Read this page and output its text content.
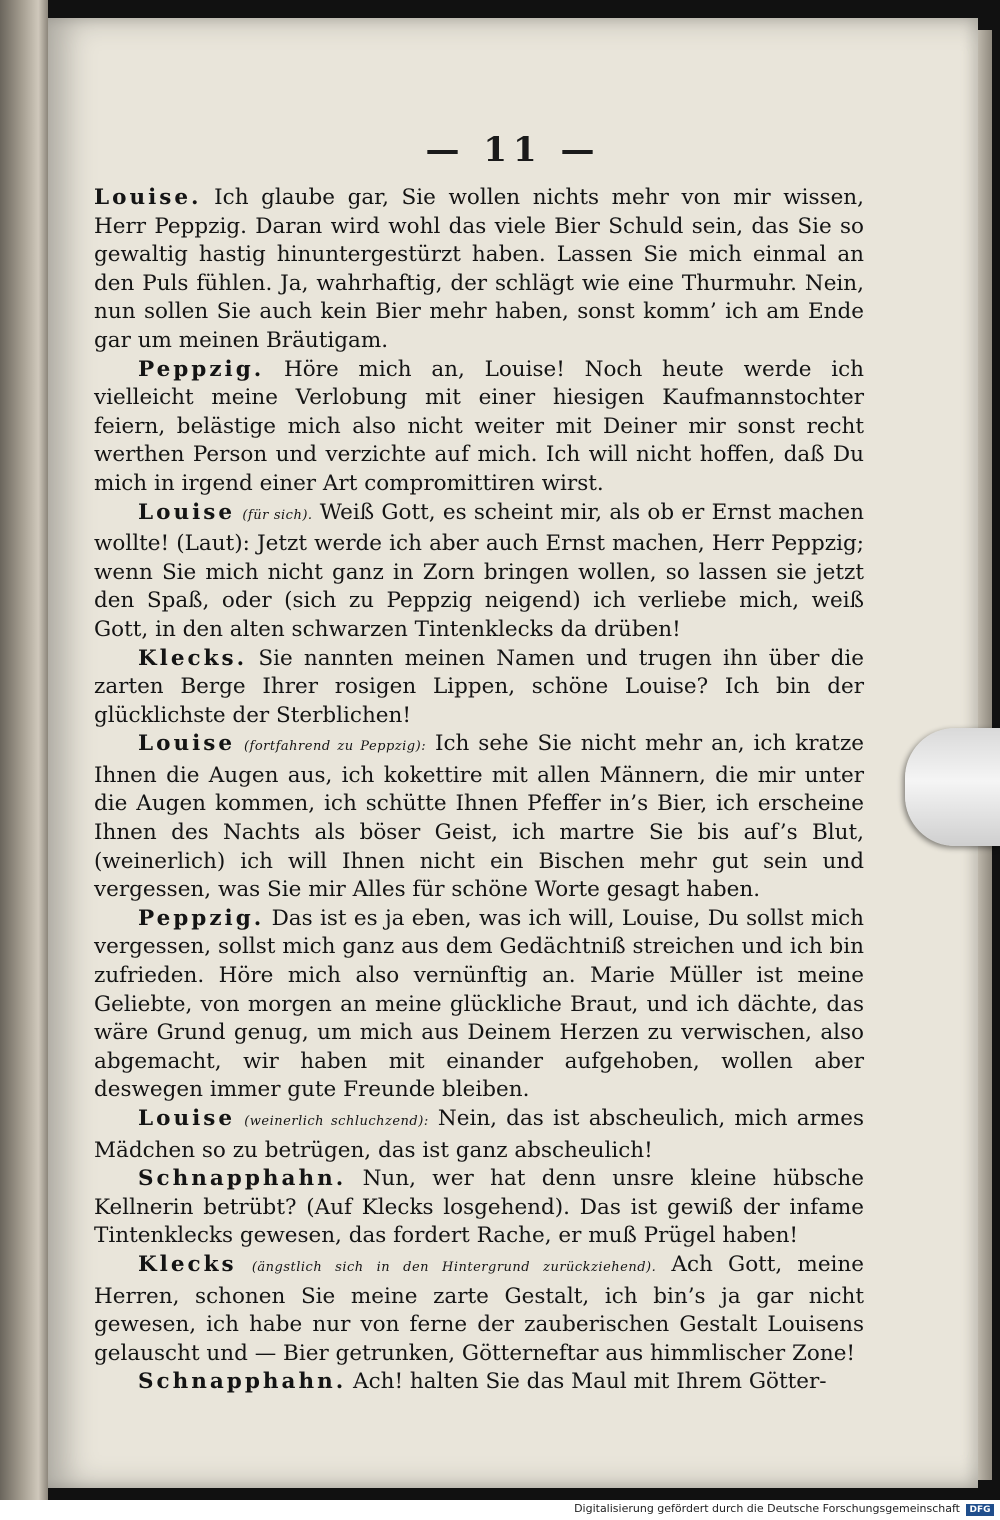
— 11 —

Louise. Ich glaube gar, Sie wollen nichts mehr von mir wissen, Herr Peppzig. Daran wird wohl das viele Bier Schuld sein, das Sie so gewaltig hastig hinuntergestürzt haben. Lassen Sie mich einmal an den Puls fühlen. Ja, wahrhaftig, der schlägt wie eine Thurmuhr. Nein, nun sollen Sie auch kein Bier mehr haben, sonst komm’ ich am Ende gar um meinen Bräutigam.

Peppzig. Höre mich an, Louise! Noch heute werde ich vielleicht meine Verlobung mit einer hiesigen Kaufmannstochter feiern, belästige mich also nicht weiter mit Deiner mir sonst recht werthen Person und verzichte auf mich. Ich will nicht hoffen, daß Du mich in irgend einer Art compromittiren wirst.

Louise (für sich). Weiß Gott, es scheint mir, als ob er Ernst machen wollte! (Laut): Jetzt werde ich aber auch Ernst machen, Herr Peppzig; wenn Sie mich nicht ganz in Zorn bringen wollen, so lassen sie jetzt den Spaß, oder (sich zu Peppzig neigend) ich verliebe mich, weiß Gott, in den alten schwarzen Tintenklecks da drüben!

Klecks. Sie nannten meinen Namen und trugen ihn über die zarten Berge Ihrer rosigen Lippen, schöne Louise? Ich bin der glücklichste der Sterblichen!

Louise (fortfahrend zu Peppzig): Ich sehe Sie nicht mehr an, ich kratze Ihnen die Augen aus, ich kokettire mit allen Männern, die mir unter die Augen kommen, ich schütte Ihnen Pfeffer in’s Bier, ich erscheine Ihnen des Nachts als böser Geist, ich martre Sie bis auf’s Blut, (weinerlich) ich will Ihnen nicht ein Bischen mehr gut sein und vergessen, was Sie mir Alles für schöne Worte gesagt haben.

Peppzig. Das ist es ja eben, was ich will, Louise, Du sollst mich vergessen, sollst mich ganz aus dem Gedächtniß streichen und ich bin zufrieden. Höre mich also vernünftig an. Marie Müller ist meine Geliebte, von morgen an meine glückliche Braut, und ich dächte, das wäre Grund genug, um mich aus Deinem Herzen zu verwischen, also abgemacht, wir haben mit einander aufgehoben, wollen aber deswegen immer gute Freunde bleiben.

Louise (weinerlich schluchzend): Nein, das ist abscheulich, mich armes Mädchen so zu betrügen, das ist ganz abscheulich!

Schnapphahn. Nun, wer hat denn unsre kleine hübsche Kellnerin betrübt? (Auf Klecks losgehend). Das ist gewiß der infame Tintenklecks gewesen, das fordert Rache, er muß Prügel haben!

Klecks (ängstlich sich in den Hintergrund zurückziehend). Ach Gott, meine Herren, schonen Sie meine zarte Gestalt, ich bin’s ja gar nicht gewesen, ich habe nur von ferne der zauberischen Gestalt Louisens gelauscht und — Bier getrunken, Götterneftar aus himmlischer Zone!

Schnapphahn. Ach! halten Sie das Maul mit Ihrem Götter-

Digitalisierung gefördert durch die Deutsche Forschungsgemeinschaft	DFG
